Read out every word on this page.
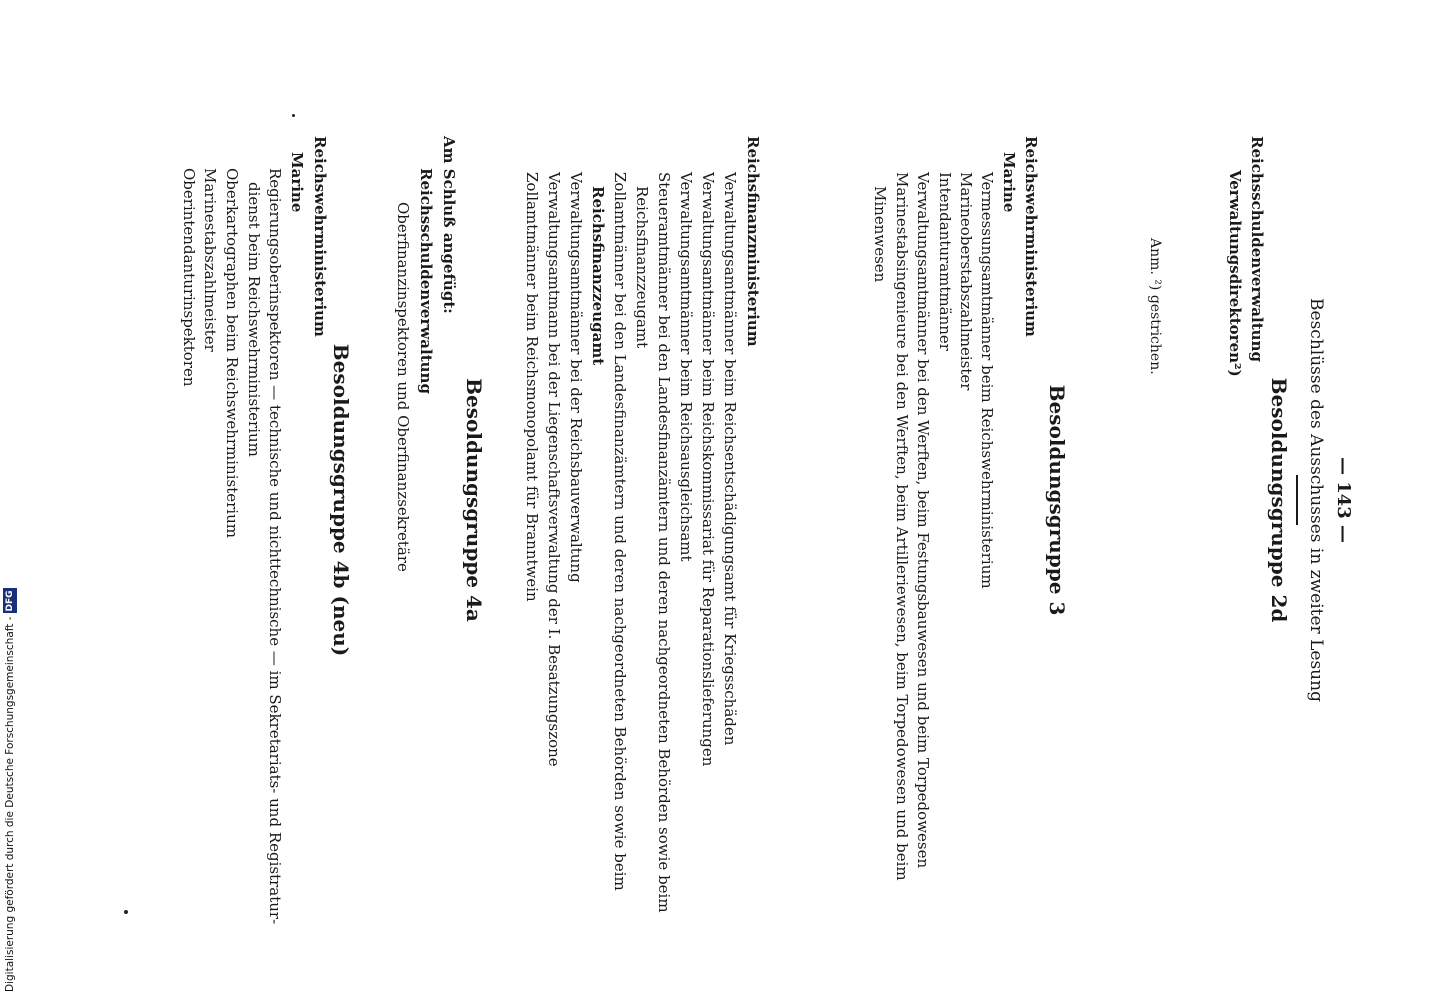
— 143 —
Beschlüsse des Ausschusses in zweiter Lesung
Besoldungsgruppe 2d
Reichsschuldenverwaltung
Verwaltungsdirektoren²)
Anm. ²) gestrichen.
Besoldungsgruppe 3
Reichswehrministerium
Marine
Vermessungsamtmänner beim Reichswehrministerium
Marineoberstabszahlmeister
Intendanturamtmänner
Verwaltungsamtmänner bei den Werften, beim Festungsbauwesen und beim Torpedowesen
Marinestabsingenieure bei den Werften, beim Artilleriewesen, beim Torpedowesen und beim
Minenwesen
Reichsfinanzministerium
Verwaltungsamtmänner beim Reichsentschädigungsamt für Kriegsschäden
Verwaltungsamtmänner beim Reichskommissariat für Reparationslieferungen
Verwaltungsamtmänner beim Reichsausgleichsamt
Steueramtmänner bei den Landesfinanzämtern und deren nachgeordneten Behörden sowie beim
Reichsfinanzzeugamt
Zollamtmänner bei den Landesfinanzämtern und deren nachgeordneten Behörden sowie beim
Reichsfinanzzeugamt
Verwaltungsamtmänner bei der Reichsbauverwaltung
Verwaltungsamtmann bei der Liegenschaftsverwaltung der I. Besatzungszone
Zollamtmänner beim Reichsmonopolamt für Branntwein
Besoldungsgruppe 4a
Am Schluß angefügt:
Reichsschuldenverwaltung
Oberfinanzinspektoren und Oberfinanzsekretäre
Besoldungsgruppe 4b (neu)
Reichswehrministerium
Marine
Regierungsoberinspektoren — technische und nichttechnische — im Sekretariats- und Registratur-
dienst beim Reichswehrministerium
Oberkartographen beim Reichswehrministerium
Marinestabszahlmeister
Oberintendanturinspektoren
Digitalisierung gefördert durch die Deutsche Forschungsgemeinschaft -DFG
